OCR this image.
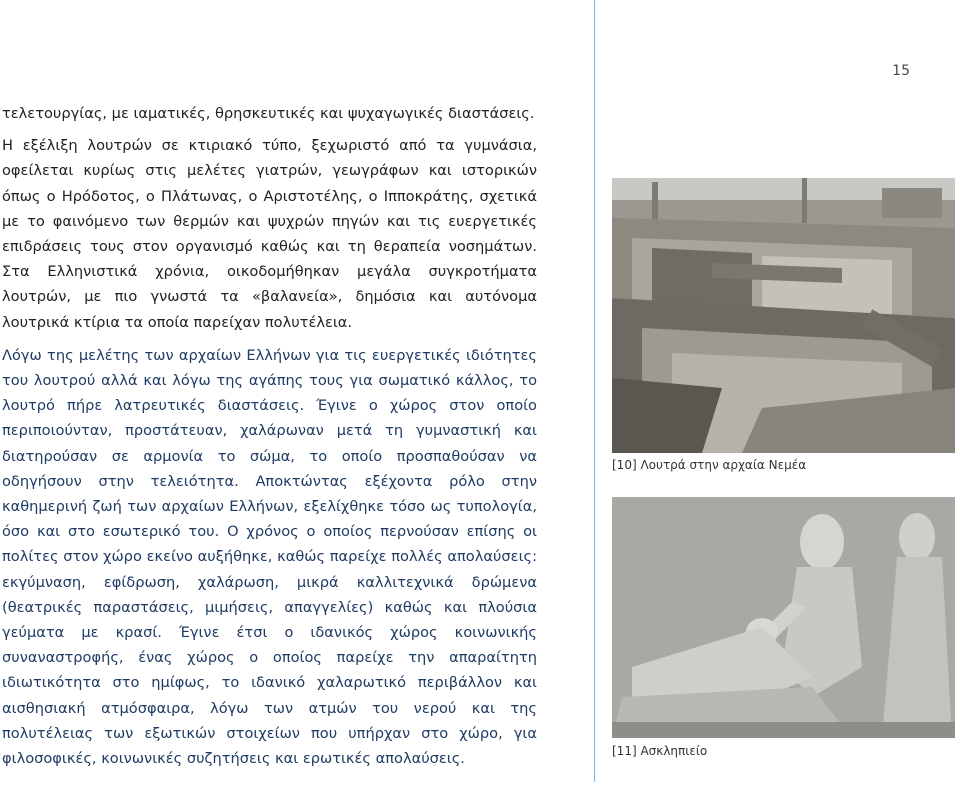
15

τελετουργίας, με ιαματικές, θρησκευτικές και ψυχαγωγικές διαστάσεις.

Η εξέλιξη λουτρών σε κτιριακό τύπο, ξεχωριστό από τα γυμνάσια, οφείλεται κυρίως στις μελέτες γιατρών, γεωγράφων και ιστορικών όπως ο Ηρόδοτος, ο Πλάτωνας, ο Αριστοτέλης, ο Ιπποκράτης, σχετικά με το φαινόμενο των θερμών και ψυχρών πηγών και τις ευεργετικές επιδράσεις τους στον οργανισμό καθώς και τη θεραπεία νοσημάτων. Στα Ελληνιστικά χρόνια, οικοδομήθηκαν μεγάλα συγκροτήματα λουτρών, με πιο γνωστά τα «βαλανεία», δημόσια και αυτόνομα λουτρικά κτίρια τα οποία παρείχαν πολυτέλεια.

Λόγω της μελέτης των αρχαίων Ελλήνων για τις ευεργετικές ιδιότητες του λουτρού αλλά και λόγω της αγάπης τους για σωματικό κάλλος, το λουτρό πήρε λατρευτικές διαστάσεις. Έγινε ο χώρος στον οποίο περιποιούνταν, προστάτευαν, χαλάρωναν μετά τη γυμναστική και διατηρούσαν σε αρμονία το σώμα, το οποίο προσπαθούσαν να οδηγήσουν στην τελειότητα. Αποκτώντας εξέχοντα ρόλο στην καθημερινή ζωή των αρχαίων Ελλήνων, εξελίχθηκε τόσο ως τυπολογία, όσο και στο εσωτερικό του. Ο χρόνος ο οποίος περνούσαν επίσης οι πολίτες στον χώρο εκείνο αυξήθηκε, καθώς παρείχε πολλές απολαύσεις: εκγύμναση, εφίδρωση, χαλάρωση, μικρά καλλιτεχνικά δρώμενα (θεατρικές παραστάσεις, μιμήσεις, απαγγελίες) καθώς και πλούσια γεύματα με κρασί. Έγινε έτσι ο ιδανικός χώρος κοινωνικής συναναστροφής, ένας χώρος ο οποίος παρείχε την απαραίτητη ιδιωτικότητα στο ημίφως, το ιδανικό χαλαρωτικό περιβάλλον και αισθησιακή ατμόσφαιρα, λόγω των ατμών του νερού και της πολυτέλειας των εξωτικών στοιχείων που υπήρχαν στο χώρο, για φιλοσοφικές, κοινωνικές συζητήσεις και ερωτικές απολαύσεις.

[10] Λουτρά στην αρχαία Νεμέα
[11] Ασκληπιείο
